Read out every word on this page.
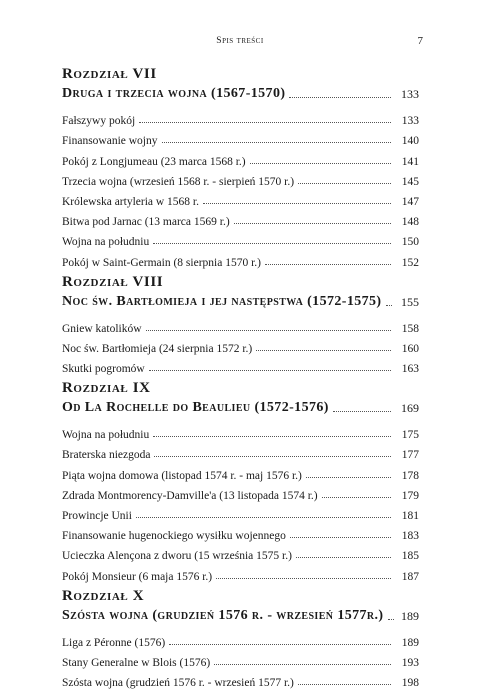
Spis treści	7
Rozdział VII
Druga i trzecia wojna (1567-1570)	133
Fałszywy pokój	133
Finansowanie wojny	140
Pokój z Longjumeau (23 marca 1568 r.)	141
Trzecia wojna (wrzesień 1568 r. - sierpień 1570 r.)	145
Królewska artyleria w 1568 r.	147
Bitwa pod Jarnac (13 marca 1569 r.)	148
Wojna na południu	150
Pokój w Saint-Germain (8 sierpnia 1570 r.)	152
Rozdział VIII
Noc św. Bartłomieja i jej następstwa (1572-1575)	155
Gniew katolików	158
Noc św. Bartłomieja (24 sierpnia 1572 r.)	160
Skutki pogromów	163
Rozdział IX
Od La Rochelle do Beaulieu (1572-1576)	169
Wojna na południu	175
Braterska niezgoda	177
Piąta wojna domowa (listopad 1574 r. - maj 1576 r.)	178
Zdrada Montmorency-Damville'a (13 listopada 1574 r.)	179
Prowincje Unii	181
Finansowanie hugenockiego wysiłku wojennego	183
Ucieczka Alençona z dworu (15 września 1575 r.)	185
Pokój Monsieur (6 maja 1576 r.)	187
Rozdział X
Szósta wojna (grudzień 1576 r. - wrzesień 1577r.) 189
Liga z Péronne (1576)	189
Stany Generalne w Blois (1576)	193
Szósta wojna (grudzień 1576 r. - wrzesień 1577 r.)	198
